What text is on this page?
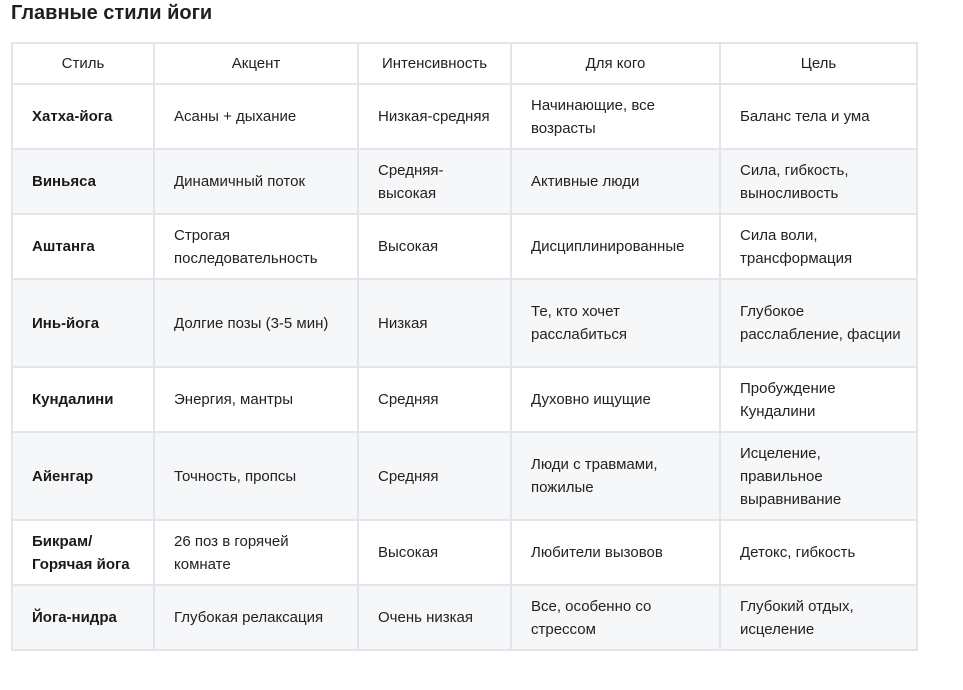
Главные стили йоги
Стиль	Акцент	Интенсивность	Для кого	Цель
Хатха-йога	Асаны + дыхание	Низкая-средняя	Начинающие, все возрасты	Баланс тела и ума
Виньяса	Динамичный поток	Средняя-высокая	Активные люди	Сила, гибкость, выносливость
Аштанга	Строгая последовательность	Высокая	Дисциплинированные	Сила воли, трансформация
Инь-йога	Долгие позы (3-5 мин)	Низкая	Те, кто хочет расслабиться	Глубокое расслабление, фасции
Кундалини	Энергия, мантры	Средняя	Духовно ищущие	Пробуждение Кундалини
Айенгар	Точность, пропсы	Средняя	Люди с травмами, пожилые	Исцеление, правильное выравнивание
Бикрам/ Горячая йога	26 поз в горячей комнате	Высокая	Любители вызовов	Детокс, гибкость
Йога-нидра	Глубокая релаксация	Очень низкая	Все, особенно со стрессом	Глубокий отдых, исцеление
